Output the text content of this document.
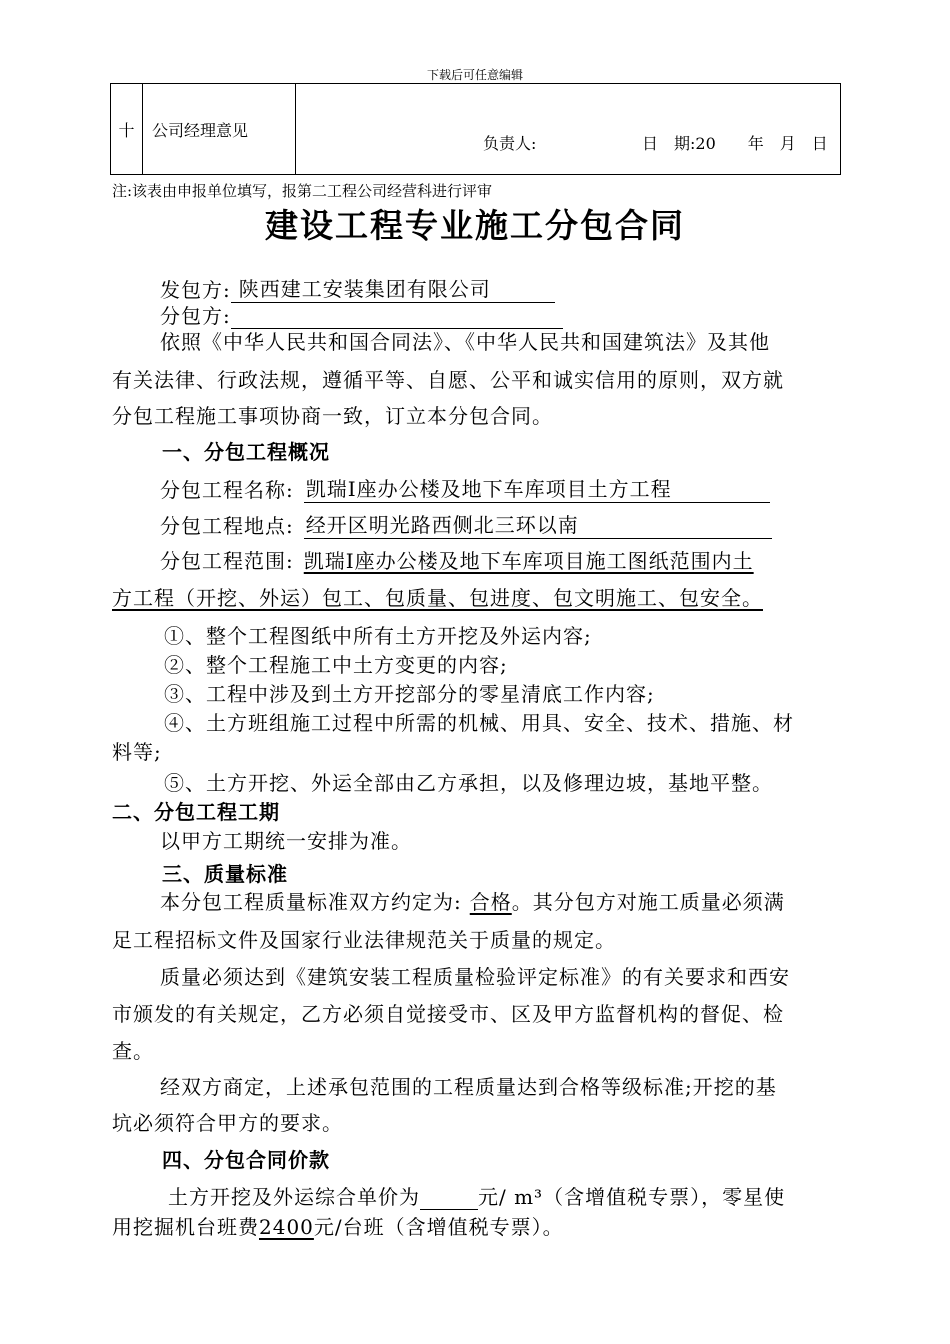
下载后可任意编辑
十	公司经理意见	
负责人:	日　期:20　　年　月　日
注:该表由申报单位填写，报第二工程公司经营科进行评审
建设工程专业施工分包合同
发包方: 陕西建工安装集团有限公司
分包方:
依照《中华人民共和国合同法》、《中华人民共和国建筑法》及其他
有关法律、行政法规，遵循平等、自愿、公平和诚实信用的原则，双方就
分包工程施工事项协商一致，订立本分包合同。
一、分包工程概况
分包工程名称: 凯瑞Ⅰ座办公楼及地下车库项目土方工程
分包工程地点: 经开区明光路西侧北三环以南
分包工程范围: 凯瑞Ⅰ座办公楼及地下车库项目施工图纸范围内土
方工程（开挖、外运）包工、包质量、包进度、包文明施工、包安全。
①、整个工程图纸中所有土方开挖及外运内容;
②、整个工程施工中土方变更的内容;
③、工程中涉及到土方开挖部分的零星清底工作内容;
④、土方班组施工过程中所需的机械、用具、安全、技术、措施、材
料等;
⑤、土方开挖、外运全部由乙方承担，以及修理边坡，基地平整。
二、分包工程工期
以甲方工期统一安排为准。
三、质量标准
本分包工程质量标准双方约定为: 合格。其分包方对施工质量必须满
足工程招标文件及国家行业法律规范关于质量的规定。
质量必须达到《建筑安装工程质量检验评定标准》的有关要求和西安
市颁发的有关规定，乙方必须自觉接受市、区及甲方监督机构的督促、检
查。
经双方商定，上述承包范围的工程质量达到合格等级标准;开挖的基
坑必须符合甲方的要求。
四、分包合同价款
土方开挖及外运综合单价为	元/ m³（含增值税专票），零星使
用挖掘机台班费2400元/台班（含增值税专票）。
